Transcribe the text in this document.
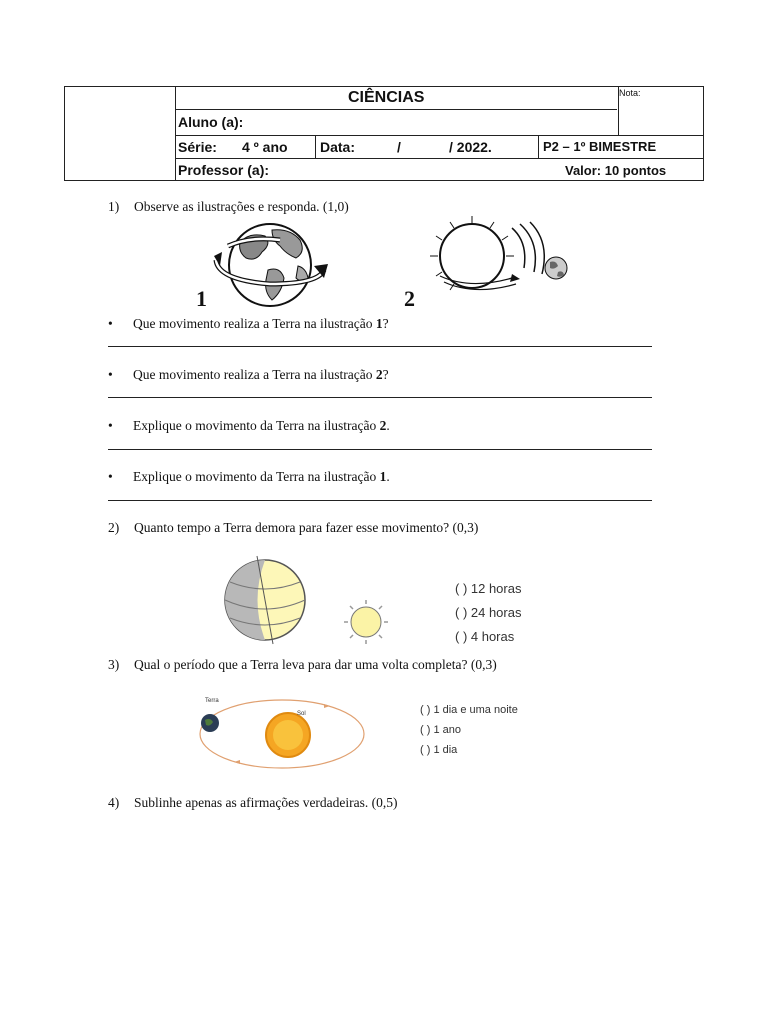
CIÊNCIAS	Nota:
Aluno (a):
Série: 4 º ano Data:	/	/ 2022.	P2 – 1º BIMESTRE
Professor (a):	Valor: 10 pontos
1) Observe as ilustrações e responda. (1,0)
1	2
• Que movimento realiza a Terra na ilustração 1?
• Que movimento realiza a Terra na ilustração 2?
• Explique o movimento da Terra na ilustração 2.
• Explique o movimento da Terra na ilustração 1.
2) Quanto tempo a Terra demora para fazer esse movimento? (0,3)
( ) 12 horas
( ) 24 horas
( ) 4 horas
3) Qual o período que a Terra leva para dar uma volta completa? (0,3)
Terra
Sol	( ) 1 dia e uma noite
( ) 1 ano
( ) 1 dia
4) Sublinhe apenas as afirmações verdadeiras. (0,5)
